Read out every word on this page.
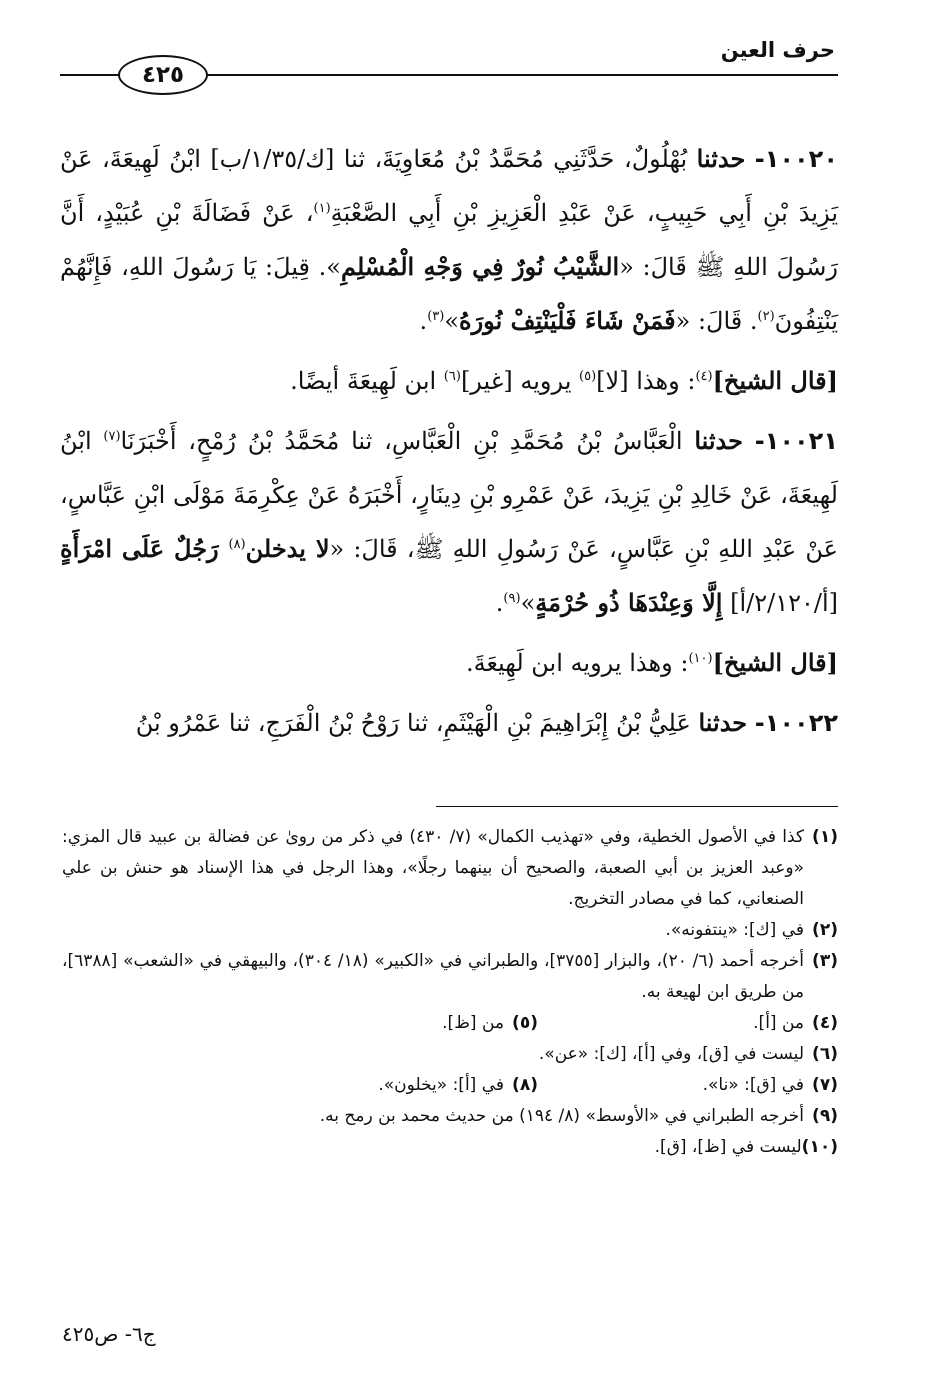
حرف العين
٤٢٥

١٠٠٢٠- حدثنا بُهْلُولٌ، حَدَّثَنِي مُحَمَّدُ بْنُ مُعَاوِيَةَ، ثنا [ك/١/٣٥/ب] ابْنُ لَهِيعَةَ، عَنْ يَزِيدَ بْنِ أَبِي حَبِيبٍ، عَنْ عَبْدِ الْعَزِيزِ بْنِ أَبِي الصَّعْبَةِ$^{(١)}$، عَنْ فَضَالَةَ بْنِ عُبَيْدٍ، أَنَّ رَسُولَ اللهِ ﷺ قَالَ: «الشَّيْبُ نُورٌ فِي وَجْهِ الْمُسْلِمِ». قِيلَ: يَا رَسُولَ اللهِ، فَإِنَّهُمْ يَنْتِفُونَ$^{(٢)}$. قَالَ: «فَمَنْ شَاءَ فَلْيَنْتِفْ نُورَهُ»$^{(٣)}$.

[قال الشيخ]$^{(٤)}$: وهذا [لا]$^{(٥)}$ يرويه [غير]$^{(٦)}$ ابن لَهِيعَةَ أيضًا.

١٠٠٢١- حدثنا الْعَبَّاسُ بْنُ مُحَمَّدِ بْنِ الْعَبَّاسِ، ثنا مُحَمَّدُ بْنُ رُمْحٍ، أَخْبَرَنَا$^{(٧)}$ ابْنُ لَهِيعَةَ، عَنْ خَالِدِ بْنِ يَزِيدَ، عَنْ عَمْرِو بْنِ دِينَارٍ، أَخْبَرَهُ عَنْ عِكْرِمَةَ مَوْلَى ابْنِ عَبَّاسٍ، عَنْ عَبْدِ اللهِ بْنِ عَبَّاسٍ، عَنْ رَسُولِ اللهِ ﷺ، قَالَ: «لا يدخلن$^{(٨)}$ رَجُلٌ عَلَى امْرَأَةٍ [أ/٢/١٢٠/أ] إِلَّا وَعِنْدَهَا ذُو حُرْمَةٍ»$^{(٩)}$.

[قال الشيخ]$^{(١٠)}$: وهذا يرويه ابن لَهِيعَةَ.

١٠٠٢٢- حدثنا عَلِيُّ بْنُ إِبْرَاهِيمَ بْنِ الْهَيْثَمِ، ثنا رَوْحُ بْنُ الْفَرَجِ، ثنا عَمْرُو بْنُ

(١)
كذا في الأصول الخطية، وفي «تهذيب الكمال» (٧/ ٤٣٠) في ذكر من روىٰ عن فضالة بن عبيد قال المزي: «وعبد العزيز بن أبي الصعبة، والصحيح أن بينهما رجلًا»، وهذا الرجل في هذا الإسناد هو حنش بن علي الصنعاني، كما في مصادر التخريج.
(٢)
في [ك]: «ينتفونه».
(٣)
أخرجه أحمد (٦/ ٢٠)، والبزار [٣٧٥٥]، والطبراني في «الكبير» (١٨/ ٣٠٤)، والبيهقي في «الشعب» [٦٣٨٨]، من طريق ابن لهيعة به.
(٤)
من [أ].
(٥)
من [ظ].
(٦)
ليست في [ق]، وفي [أ]، [ك]: «عن».
(٧)
في [ق]: «نا».
(٨)
في [أ]: «يخلون».
(٩)
أخرجه الطبراني في «الأوسط» (٨/ ١٩٤) من حديث محمد بن رمح به.
(١٠)
ليست في [ظ]، [ق].
ج٦- ص٤٢٥
